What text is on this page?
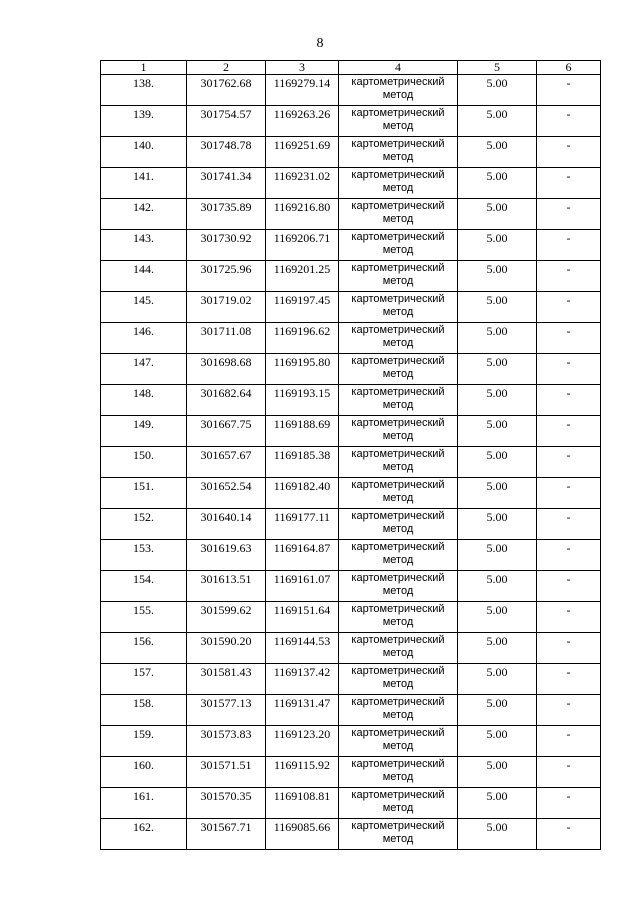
8
1	2	3	4	5	6
138.	301762.68	1169279.14	картометрический метод	5.00	-
139.	301754.57	1169263.26	картометрический метод	5.00	-
140.	301748.78	1169251.69	картометрический метод	5.00	-
141.	301741.34	1169231.02	картометрический метод	5.00	-
142.	301735.89	1169216.80	картометрический метод	5.00	-
143.	301730.92	1169206.71	картометрический метод	5.00	-
144.	301725.96	1169201.25	картометрический метод	5.00	-
145.	301719.02	1169197.45	картометрический метод	5.00	-
146.	301711.08	1169196.62	картометрический метод	5.00	-
147.	301698.68	1169195.80	картометрический метод	5.00	-
148.	301682.64	1169193.15	картометрический метод	5.00	-
149.	301667.75	1169188.69	картометрический метод	5.00	-
150.	301657.67	1169185.38	картометрический метод	5.00	-
151.	301652.54	1169182.40	картометрический метод	5.00	-
152.	301640.14	1169177.11	картометрический метод	5.00	-
153.	301619.63	1169164.87	картометрический метод	5.00	-
154.	301613.51	1169161.07	картометрический метод	5.00	-
155.	301599.62	1169151.64	картометрический метод	5.00	-
156.	301590.20	1169144.53	картометрический метод	5.00	-
157.	301581.43	1169137.42	картометрический метод	5.00	-
158.	301577.13	1169131.47	картометрический метод	5.00	-
159.	301573.83	1169123.20	картометрический метод	5.00	-
160.	301571.51	1169115.92	картометрический метод	5.00	-
161.	301570.35	1169108.81	картометрический метод	5.00	-
162.	301567.71	1169085.66	картометрический метод	5.00	-
